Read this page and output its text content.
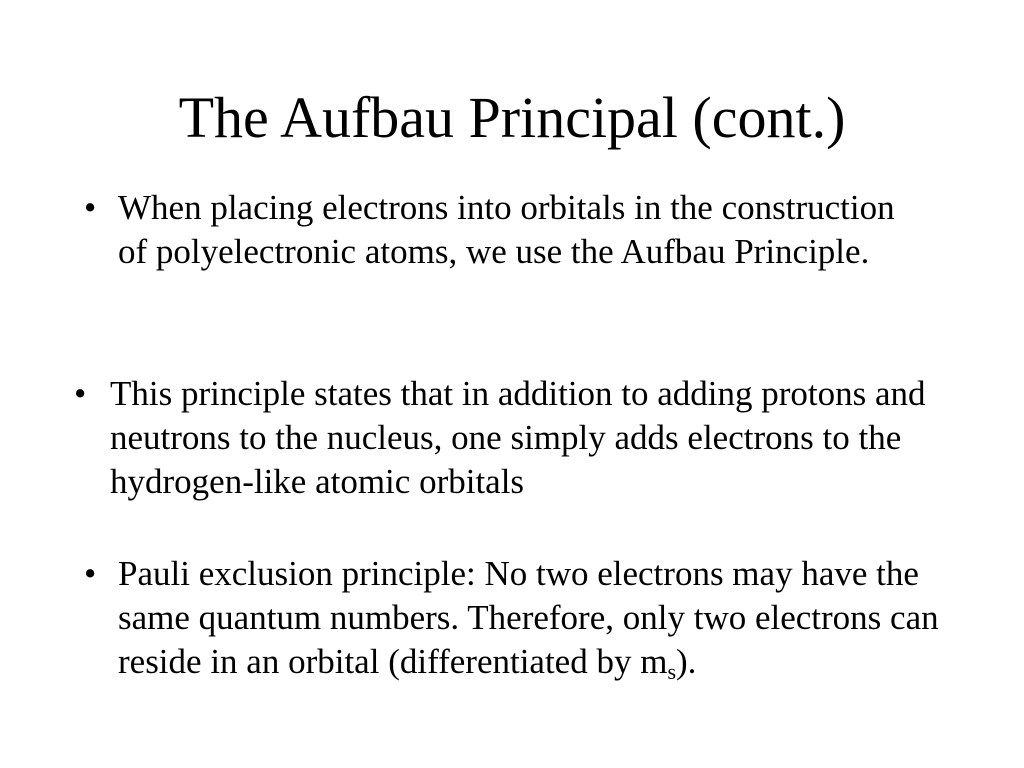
The Aufbau Principal (cont.)
• When placing electrons into orbitals in the construction of polyelectronic atoms, we use the Aufbau Principle.
• This principle states that in addition to adding protons and neutrons to the nucleus, one simply adds electrons to the hydrogen-like atomic orbitals
• Pauli exclusion principle: No two electrons may have the same quantum numbers. Therefore, only two electrons can reside in an orbital (differentiated by $m_s$).
